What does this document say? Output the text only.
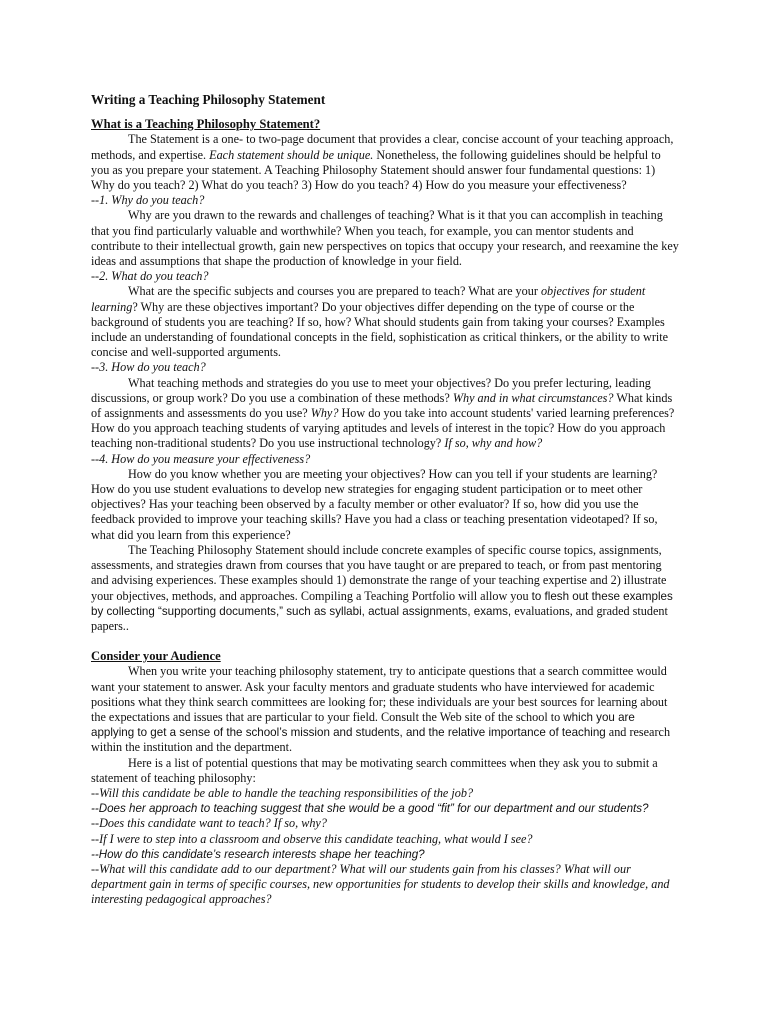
Writing a Teaching Philosophy Statement
What is a Teaching Philosophy Statement?

The Statement is a one- to two-page document that provides a clear, concise account of your teaching approach, methods, and expertise. Each statement should be unique. Nonetheless, the following guidelines should be helpful to you as you prepare your statement. A Teaching Philosophy Statement should answer four fundamental questions: 1) Why do you teach? 2) What do you teach? 3) How do you teach? 4) How do you measure your effectiveness?

--1. Why do you teach?

Why are you drawn to the rewards and challenges of teaching? What is it that you can accomplish in teaching that you find particularly valuable and worthwhile? When you teach, for example, you can mentor students and contribute to their intellectual growth, gain new perspectives on topics that occupy your research, and reexamine the key ideas and assumptions that shape the production of knowledge in your field.

--2. What do you teach?

What are the specific subjects and courses you are prepared to teach? What are your objectives for student learning? Why are these objectives important? Do your objectives differ depending on the type of course or the background of students you are teaching? If so, how? What should students gain from taking your courses? Examples include an understanding of foundational concepts in the field, sophistication as critical thinkers, or the ability to write concise and well-supported arguments.

--3. How do you teach?

What teaching methods and strategies do you use to meet your objectives? Do you prefer lecturing, leading discussions, or group work? Do you use a combination of these methods? Why and in what circumstances? What kinds of assignments and assessments do you use? Why? How do you take into account students' varied learning preferences? How do you approach teaching students of varying aptitudes and levels of interest in the topic? How do you approach teaching non-traditional students? Do you use instructional technology? If so, why and how?

--4. How do you measure your effectiveness?

How do you know whether you are meeting your objectives? How can you tell if your students are learning? How do you use student evaluations to develop new strategies for engaging student participation or to meet other objectives? Has your teaching been observed by a faculty member or other evaluator? If so, how did you use the feedback provided to improve your teaching skills? Have you had a class or teaching presentation videotaped? If so, what did you learn from this experience?

The Teaching Philosophy Statement should include concrete examples of specific course topics, assignments, assessments, and strategies drawn from courses that you have taught or are prepared to teach, or from past mentoring and advising experiences. These examples should 1) demonstrate the range of your teaching expertise and 2) illustrate your objectives, methods, and approaches. Compiling a Teaching Portfolio will allow you to flesh out these examples by collecting “supporting documents,” such as syllabi, actual assignments, exams, evaluations, and graded student papers..

Consider your Audience

When you write your teaching philosophy statement, try to anticipate questions that a search committee would want your statement to answer. Ask your faculty mentors and graduate students who have interviewed for academic positions what they think search committees are looking for; these individuals are your best sources for learning about the expectations and issues that are particular to your field. Consult the Web site of the school to which you are applying to get a sense of the school’s mission and students, and the relative importance of teaching and research within the institution and the department.

Here is a list of potential questions that may be motivating search committees when they ask you to submit a statement of teaching philosophy:

--Will this candidate be able to handle the teaching responsibilities of the job?

--Does her approach to teaching suggest that she would be a good “fit” for our department and our students?

--Does this candidate want to teach? If so, why?

--If I were to step into a classroom and observe this candidate teaching, what would I see?

--How do this candidate’s research interests shape her teaching?

--What will this candidate add to our department? What will our students gain from his classes? What will our department gain in terms of specific courses, new opportunities for students to develop their skills and knowledge, and interesting pedagogical approaches?
